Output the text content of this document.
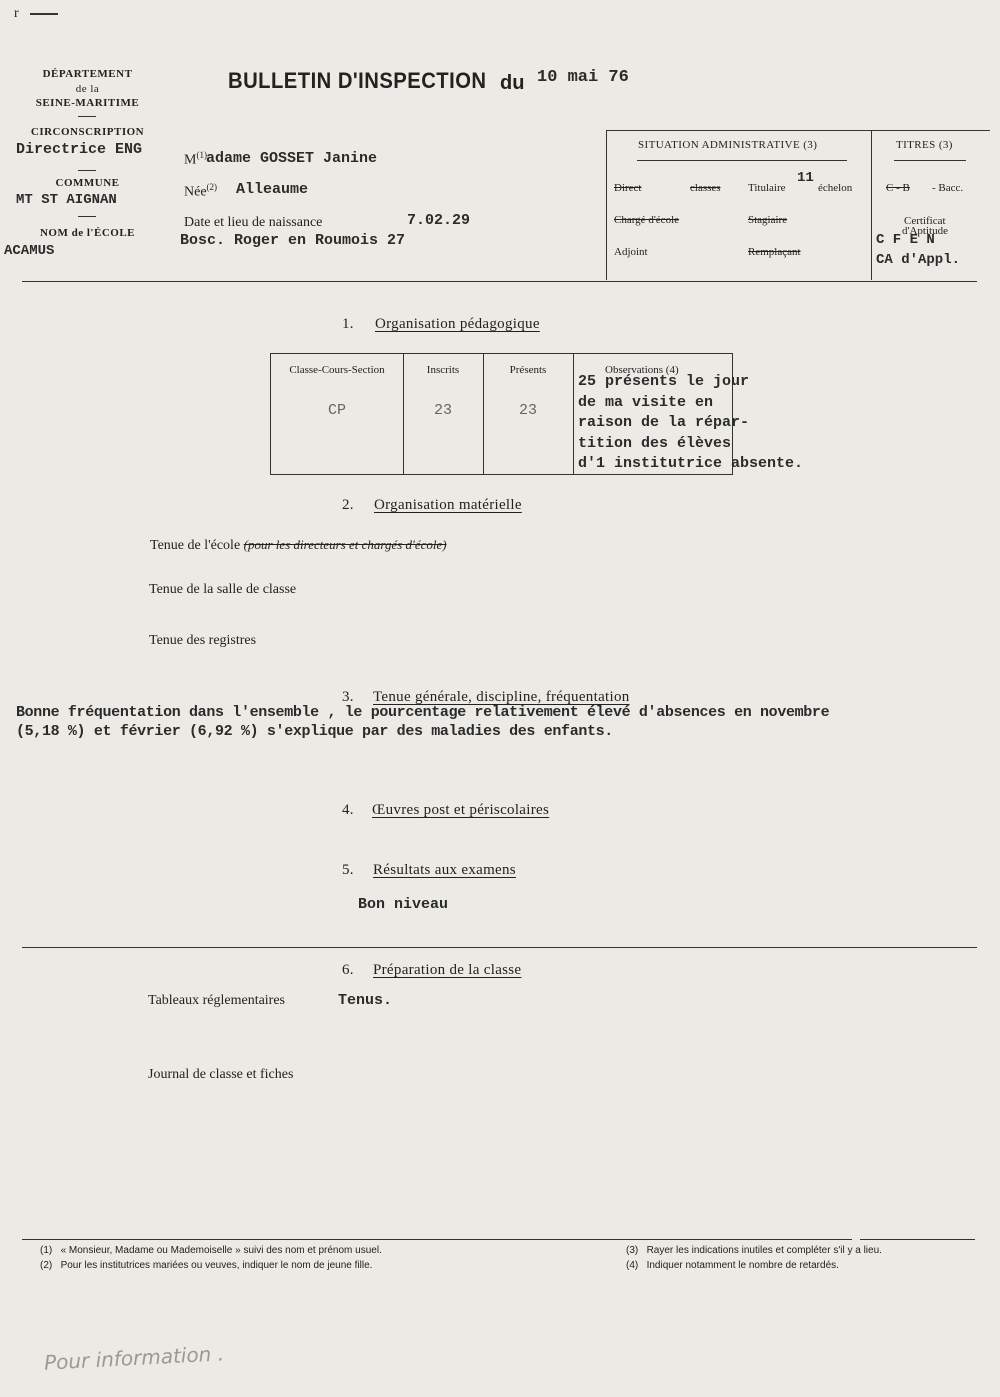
r
DÉPARTEMENT
de la
SEINE-MARITIME
CIRCONSCRIPTION
Directrice ENG
COMMUNE
MT ST AIGNAN
NOM de l'ÉCOLE
ACAMUS
BULLETIN D'INSPECTION du 10 mai 76
$M^{(1)}$ adame GOSSET Janine
Née$^{(2)}$ Alleaume
Date et lieu de naissance	7.02.29
Bosc. Roger en Roumois 27
SITUATION ADMINISTRATIVE (3)
Direct	classes Titulaire
11
échelon
Chargé d'école	Stagiaire
Adjoint	Remplaçant
TITRES (3)
C - B - Bacc.
Certificat
d'Aptitude
C F E N
CA d'Appl.
1. Organisation pédagogique
Classe-Cours-Section	Inscrits	Présents	Observations (4)
CP	23	23
25 présents le jour
de ma visite en
raison de la répar-
tition des élèves
d'1 institutrice absente.
2. Organisation matérielle
Tenue de l'école (pour les directeurs et chargés d'école)
Tenue de la salle de classe
Tenue des registres
3. Tenue générale, discipline, fréquentation
Bonne fréquentation dans l'ensemble , le pourcentage relativement élevé d'absences en novembre
(5,18 %) et février (6,92 %) s'explique par des maladies des enfants.
4. Œuvres post et périscolaires
5. Résultats aux examens
Bon niveau
6. Préparation de la classe
Tableaux réglementaires	Tenus.
Journal de classe et fiches
(1) « Monsieur, Madame ou Mademoiselle » suivi des nom et prénom usuel.
(2) Pour les institutrices mariées ou veuves, indiquer le nom de jeune fille.
(3) Rayer les indications inutiles et compléter s'il y a lieu.
(4) Indiquer notamment le nombre de retardés.
Pour information .
